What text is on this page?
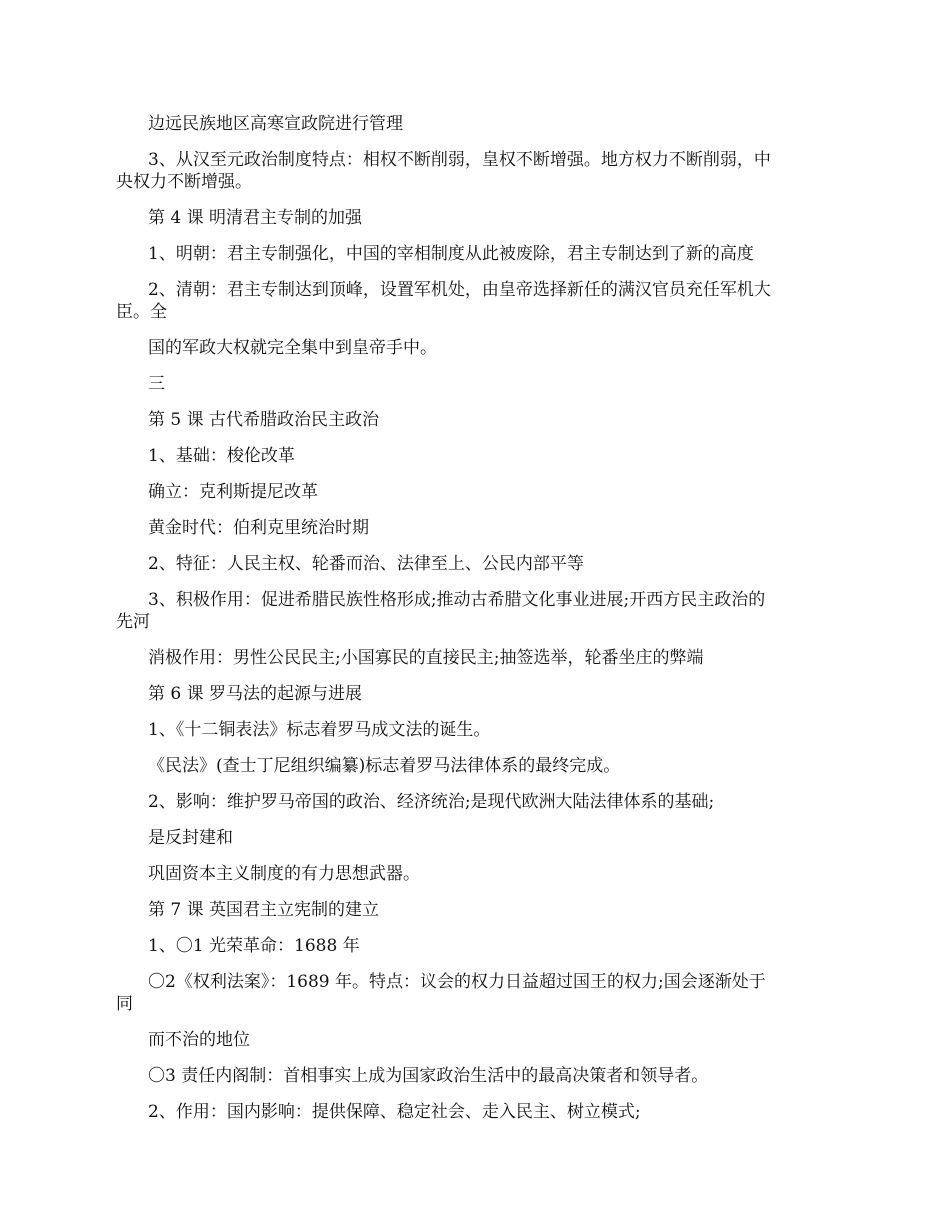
边远民族地区高寒宣政院进行管理
3、从汉至元政治制度特点：相权不断削弱，皇权不断增强。地方权力不断削弱，中
央权力不断增强。
第 4 课 明清君主专制的加强
1、明朝：君主专制强化，中国的宰相制度从此被废除，君主专制达到了新的高度
2、清朝：君主专制达到顶峰，设置军机处，由皇帝选择新任的满汉官员充任军机大
臣。全
国的军政大权就完全集中到皇帝手中。
三
第 5 课 古代希腊政治民主政治
1、基础：梭伦改革
确立：克利斯提尼改革
黄金时代：伯利克里统治时期
2、特征：人民主权、轮番而治、法律至上、公民内部平等
3、积极作用：促进希腊民族性格形成;推动古希腊文化事业进展;开西方民主政治的
先河
消极作用：男性公民民主;小国寡民的直接民主;抽签选举，轮番坐庄的弊端
第 6 课 罗马法的起源与进展
1、《十二铜表法》标志着罗马成文法的诞生。
《民法》(查士丁尼组织编纂)标志着罗马法律体系的最终完成。
2、影响：维护罗马帝国的政治、经济统治;是现代欧洲大陆法律体系的基础;
是反封建和
巩固资本主义制度的有力思想武器。
第 7 课 英国君主立宪制的建立
1、〇1 光荣革命：1688 年
〇2《权利法案》：1689 年。特点：议会的权力日益超过国王的权力;国会逐渐处于
同
而不治的地位
〇3 责任内阁制：首相事实上成为国家政治生活中的最高决策者和领导者。
2、作用：国内影响：提供保障、稳定社会、走入民主、树立模式;
